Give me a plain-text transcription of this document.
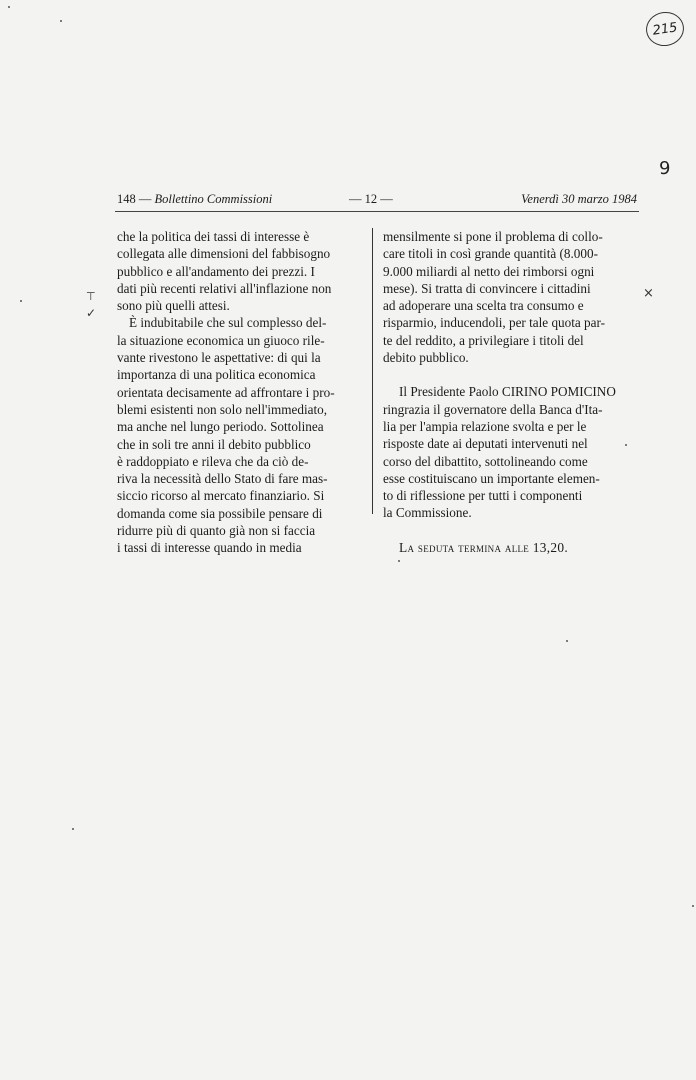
215
9
148 — Bollettino Commissioni	— 12 —	Venerdì 30 marzo 1984

che la politica dei tassi di interesse è

collegata alle dimensioni del fabbisogno

pubblico e all'andamento dei prezzi. I

dati più recenti relativi all'inflazione non

sono più quelli attesi.

È indubitabile che sul complesso del-

la situazione economica un giuoco rile-

vante rivestono le aspettative: di qui la

importanza di una politica economica

orientata decisamente ad affrontare i pro-

blemi esistenti non solo nell'immediato,

ma anche nel lungo periodo. Sottolinea

che in soli tre anni il debito pubblico

è raddoppiato e rileva che da ciò de-

riva la necessità dello Stato di fare mas-

siccio ricorso al mercato finanziario. Si

domanda come sia possibile pensare di

ridurre più di quanto già non si faccia

i tassi di interesse quando in media

mensilmente si pone il problema di collo-

care titoli in così grande quantità (8.000-

9.000 miliardi al netto dei rimborsi ogni

mese). Si tratta di convincere i cittadini

ad adoperare una scelta tra consumo e

risparmio, inducendoli, per tale quota par-

te del reddito, a privilegiare i titoli del

debito pubblico.

Il Presidente Paolo CIRINO POMICINO

ringrazia il governatore della Banca d'Ita-

lia per l'ampia relazione svolta e per le

risposte date ai deputati intervenuti nel

corso del dibattito, sottolineando come

esse costituiscano un importante elemen-

to di riflessione per tutti i componenti

la Commissione.

La seduta termina alle 13,20.

⊤
✓
×
